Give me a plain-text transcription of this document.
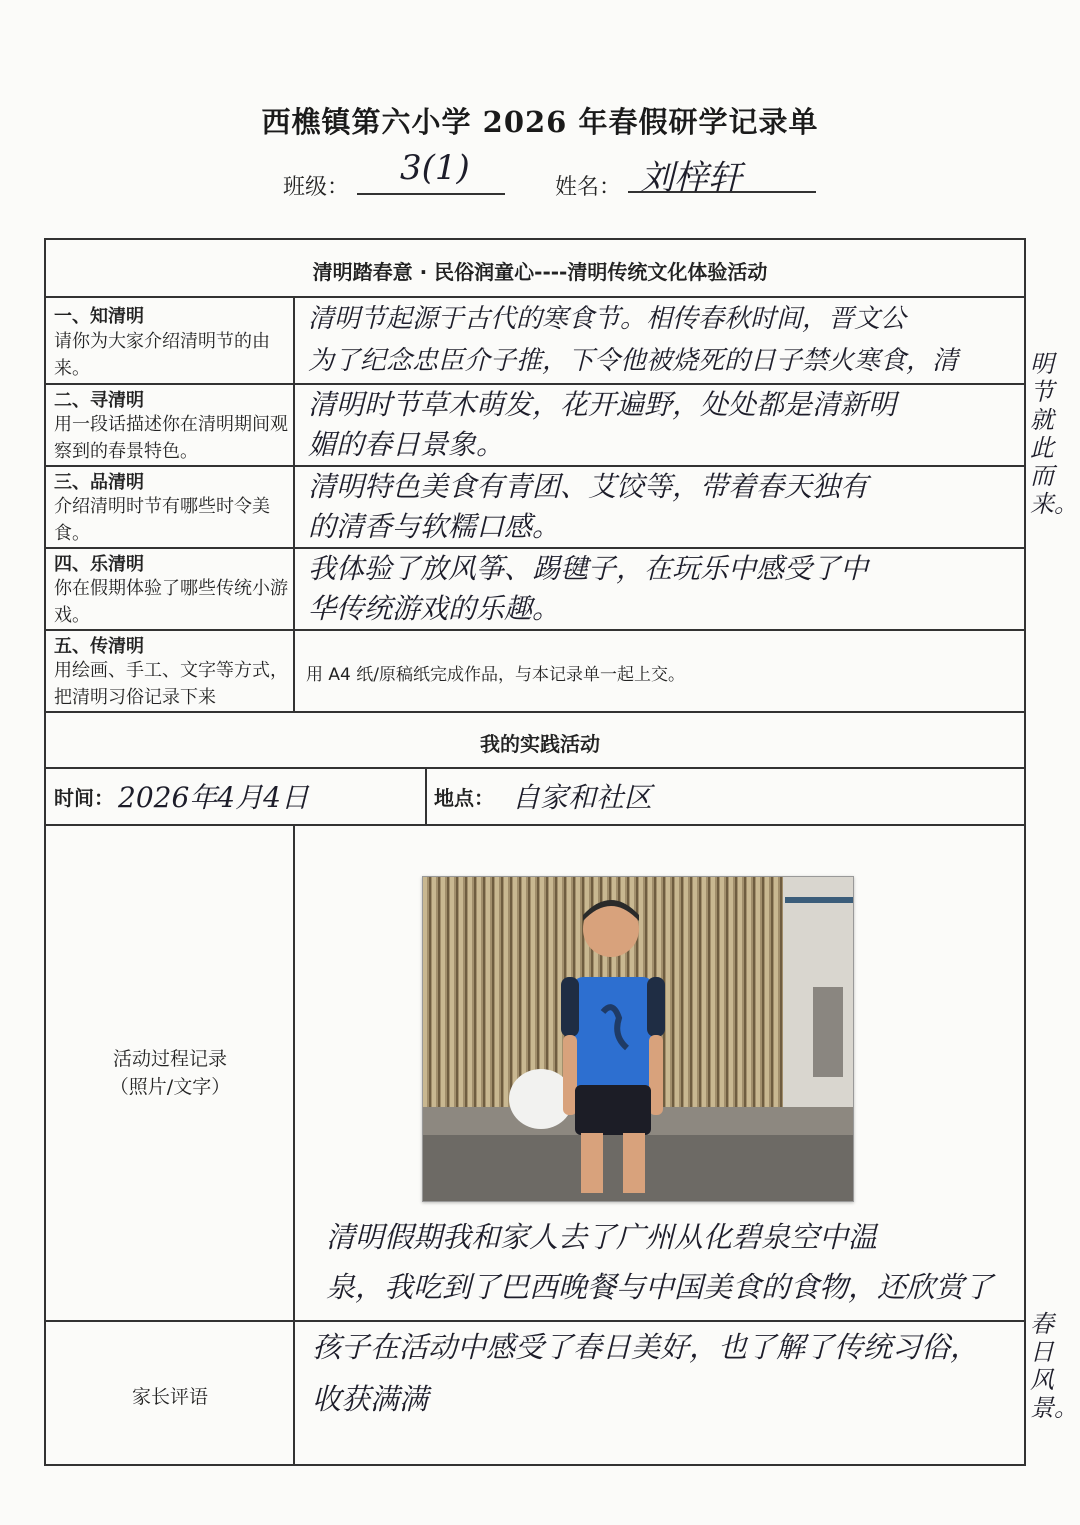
西樵镇第六小学 2026 年春假研学记录单
班级： 3(1)	姓名： 刘梓轩
清明踏春意 · 民俗润童心----清明传统文化体验活动
一、知清明
请你为大家介绍清明节的由来。
清明节起源于古代的寒食节。相传春秋时间，晋文公
为了纪念忠臣介子推，下令他被烧死的日子禁火寒食，清
二、寻清明
用一段话描述你在清明期间观察到的春景特色。
清明时节草木萌发，花开遍野，处处都是清新明
媚的春日景象。
三、品清明
介绍清明时节有哪些时令美食。
清明特色美食有青团、艾饺等，带着春天独有
的清香与软糯口感。
四、乐清明
你在假期体验了哪些传统小游戏。
我体验了放风筝、踢毽子，在玩乐中感受了中
华传统游戏的乐趣。
五、传清明
用绘画、手工、文字等方式，把清明习俗记录下来
用 A4 纸/原稿纸完成作品，与本记录单一起上交。
明节就此而来。
我的实践活动
时间： 2026年4月4日	地点： 自家和社区
活动过程记录
（照片/文字）
清明假期我和家人去了广州从化碧泉空中温
泉，我吃到了巴西晚餐与中国美食的食物，还欣赏了
春日风景。
家长评语
孩子在活动中感受了春日美好，也了解了传统习俗，
收获满满
